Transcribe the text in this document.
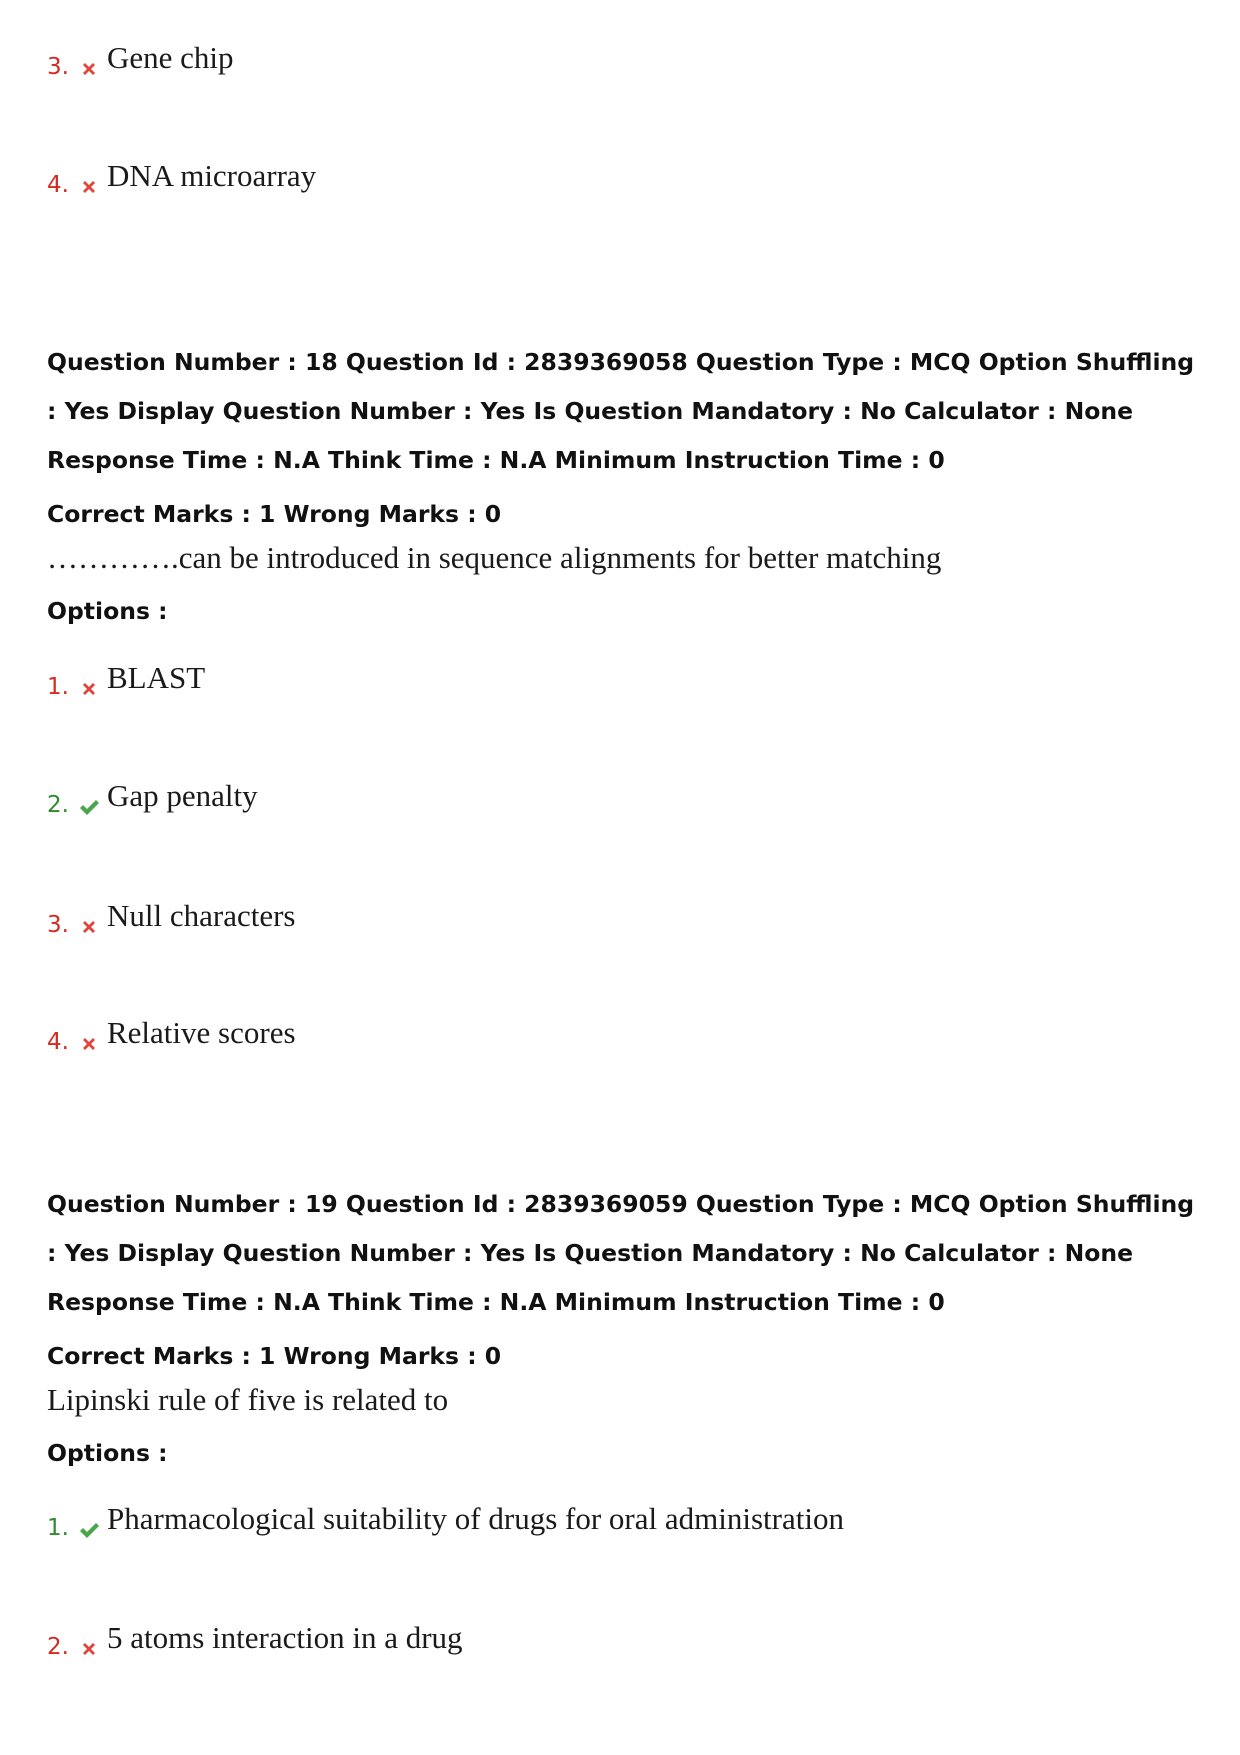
3. Gene chip
4. DNA microarray
Question Number : 18 Question Id : 2839369058 Question Type : MCQ Option Shuffling : Yes Display Question Number : Yes Is Question Mandatory : No Calculator : None Response Time : N.A Think Time : N.A Minimum Instruction Time : 0
Correct Marks : 1 Wrong Marks : 0
………….can be introduced in sequence alignments for better matching
Options :
1. BLAST
2. Gap penalty
3. Null characters
4. Relative scores
Question Number : 19 Question Id : 2839369059 Question Type : MCQ Option Shuffling : Yes Display Question Number : Yes Is Question Mandatory : No Calculator : None Response Time : N.A Think Time : N.A Minimum Instruction Time : 0
Correct Marks : 1 Wrong Marks : 0
Lipinski rule of five is related to
Options :
1. Pharmacological suitability of drugs for oral administration
2. 5 atoms interaction in a drug
